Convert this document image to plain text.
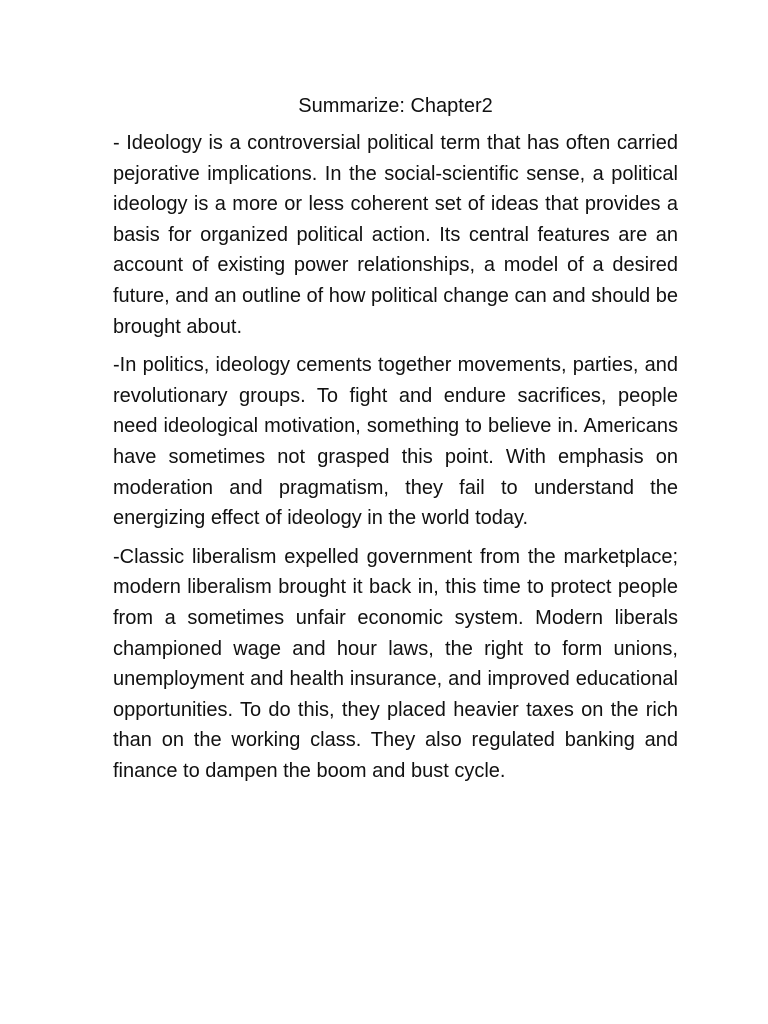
Summarize: Chapter2

- Ideology is a controversial political term that has often carried pejorative implications. In the social-scientific sense, a political ideology is a more or less coherent set of ideas that provides a basis for organized political action. Its central features are an account of existing power relationships, a model of a desired future, and an outline of how political change can and should be brought about.

-In politics, ideology cements together movements, parties, and revolutionary groups. To fight and endure sacrifices, people need ideological motivation, something to believe in. Americans have sometimes not grasped this point. With emphasis on moderation and pragmatism, they fail to understand the energizing effect of ideology in the world today.

-Classic liberalism expelled government from the marketplace; modern liberalism brought it back in, this time to protect people from a sometimes unfair economic system. Modern liberals championed wage and hour laws, the right to form unions, unemployment and health insurance, and improved educational opportunities. To do this, they placed heavier taxes on the rich than on the working class. They also regulated banking and finance to dampen the boom and bust cycle.
